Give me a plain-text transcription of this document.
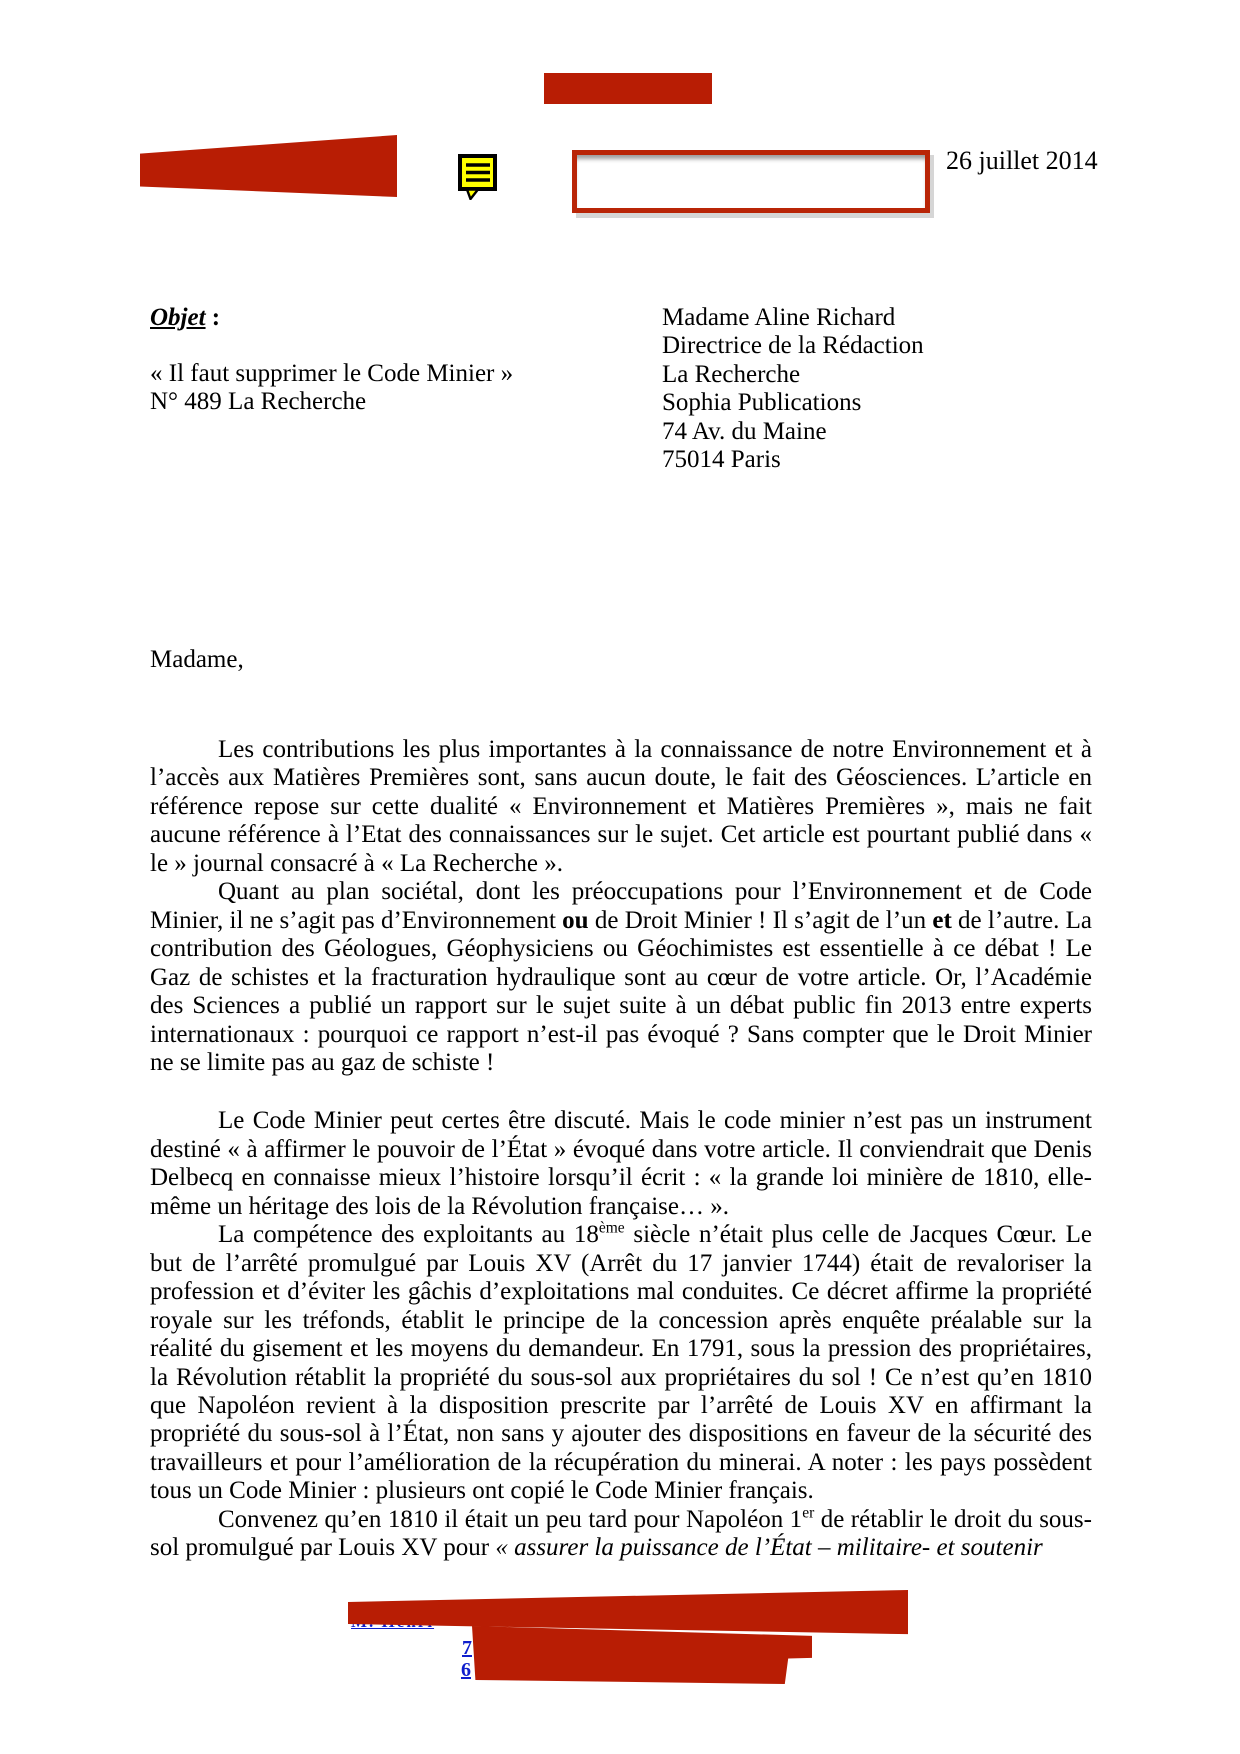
26 juillet 2014
Objet :
« Il faut supprimer le Code Minier »
N° 489 La Recherche
Madame Aline Richard
Directrice de la Rédaction
La Recherche
Sophia Publications
74 Av. du Maine
75014 Paris
Madame,

Les contributions les plus importantes à la connaissance de notre Environnement et à l’accès aux Matières Premières sont, sans aucun doute, le fait des Géosciences. L’article en référence repose sur cette dualité « Environnement et Matières Premières », mais ne fait aucune référence à l’Etat des connaissances sur le sujet. Cet article est pourtant publié dans « le » journal consacré à « La Recherche ».

Quant au plan sociétal, dont les préoccupations pour l’Environnement et de Code Minier, il ne s’agit pas d’Environnement ou de Droit Minier ! Il s’agit de l’un et de l’autre. La contribution des Géologues, Géophysiciens ou Géochimistes est essentielle à ce débat ! Le Gaz de schistes et la fracturation hydraulique sont au cœur de votre article. Or, l’Académie des Sciences a publié un rapport sur le sujet suite à un débat public fin 2013 entre experts internationaux : pourquoi ce rapport n’est-il pas évoqué ? Sans compter que le Droit Minier ne se limite pas au gaz de schiste !

Le Code Minier peut certes être discuté. Mais le code minier n’est pas un instrument destiné « à affirmer le pouvoir de l’État » évoqué dans votre article. Il conviendrait que Denis Delbecq en connaisse mieux l’histoire lorsqu’il écrit : « la grande loi minière de 1810, elle-même un héritage des lois de la Révolution française… ».

La compétence des exploitants au 18ème siècle n’était plus celle de Jacques Cœur. Le but de l’arrêté promulgué par Louis XV (Arrêt du 17 janvier 1744) était de revaloriser la profession et d’éviter les gâchis d’exploitations mal conduites. Ce décret affirme la propriété royale sur les tréfonds, établit le principe de la concession après enquête préalable sur la réalité du gisement et les moyens du demandeur. En 1791, sous la pression des propriétaires, la Révolution rétablit la propriété du sous-sol aux propriétaires du sol ! Ce n’est qu’en 1810 que Napoléon revient à la disposition prescrite par l’arrêté de Louis XV en affirmant la propriété du sous-sol à l’État, non sans y ajouter des dispositions en faveur de la sécurité des travailleurs et pour l’amélioration de la récupération du minerai. A noter : les pays possèdent tous un Code Minier : plusieurs ont copié le Code Minier français.

Convenez qu’en 1810 il était un peu tard pour Napoléon 1er de rétablir le droit du sous-sol promulgué par Louis XV pour « assurer la puissance de l’État – militaire- et soutenir

7
6
